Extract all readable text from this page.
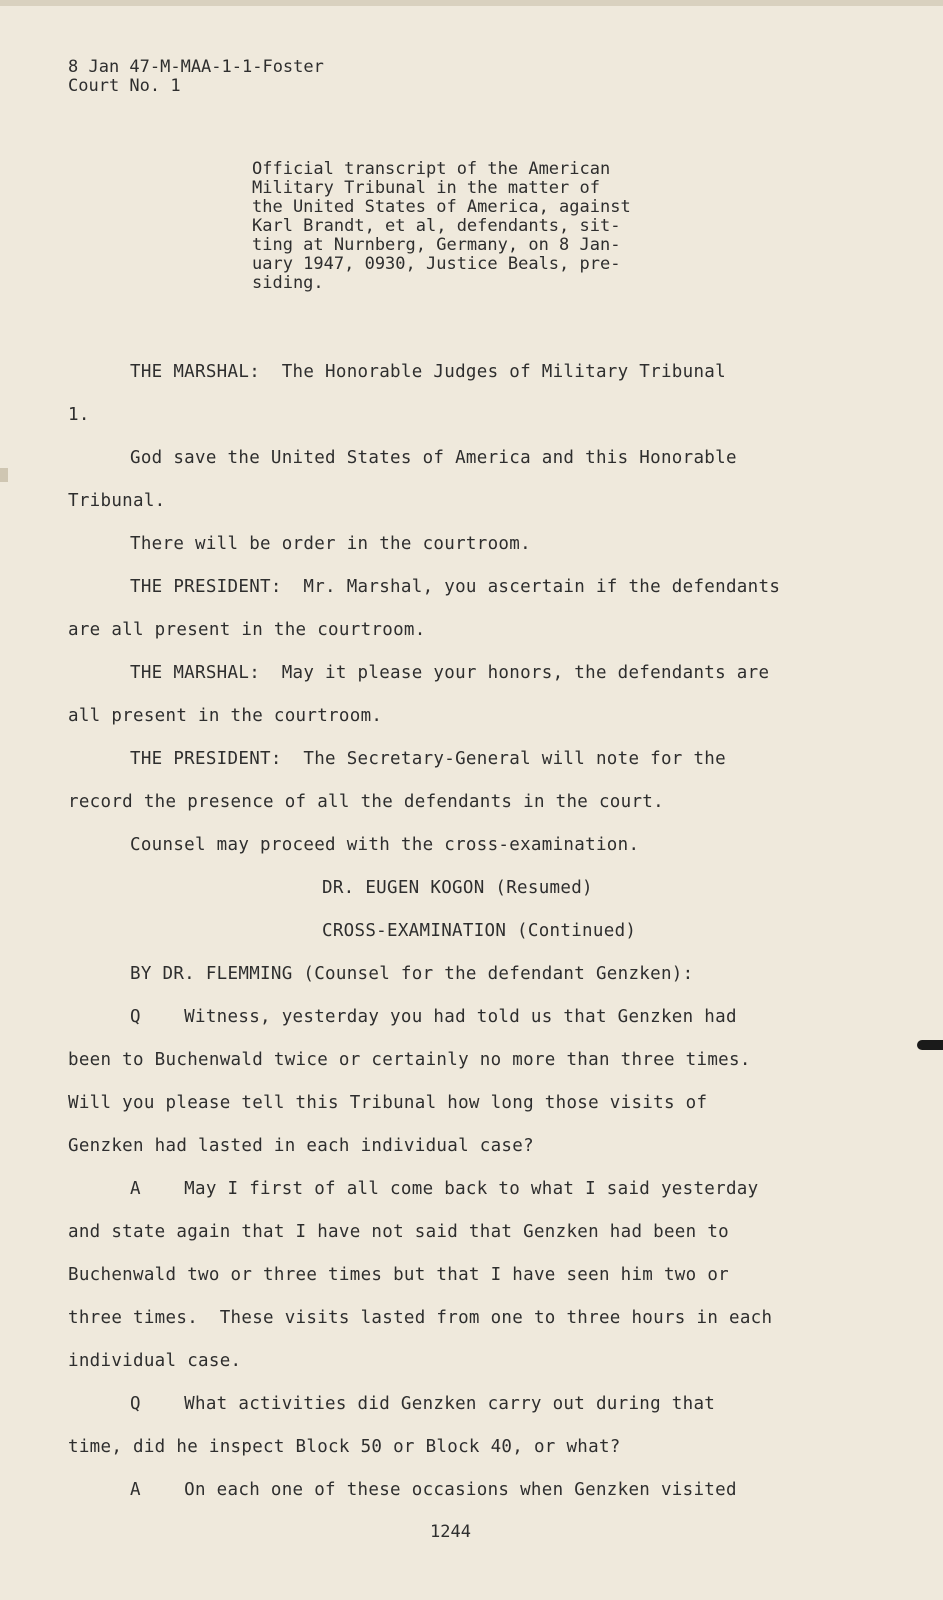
8 Jan 47-M-MAA-1-1-Foster
Court No. 1
Official transcript of the American
Military Tribunal in the matter of
the United States of America, against
Karl Brandt, et al, defendants, sit-
ting at Nurnberg, Germany, on 8 Jan-
uary 1947, 0930, Justice Beals, pre-
siding.
THE MARSHAL:  The Honorable Judges of Military Tribunal
1.
God save the United States of America and this Honorable
Tribunal.
There will be order in the courtroom.
THE PRESIDENT:  Mr. Marshal, you ascertain if the defendants
are all present in the courtroom.
THE MARSHAL:  May it please your honors, the defendants are
all present in the courtroom.
THE PRESIDENT:  The Secretary-General will note for the
record the presence of all the defendants in the court.
Counsel may proceed with the cross-examination.
DR. EUGEN KOGON (Resumed)
CROSS-EXAMINATION (Continued)
BY DR. FLEMMING (Counsel for the defendant Genzken):
Q    Witness, yesterday you had told us that Genzken had
been to Buchenwald twice or certainly no more than three times.
Will you please tell this Tribunal how long those visits of
Genzken had lasted in each individual case?
A    May I first of all come back to what I said yesterday
and state again that I have not said that Genzken had been to
Buchenwald two or three times but that I have seen him two or
three times.  These visits lasted from one to three hours in each
individual case.
Q    What activities did Genzken carry out during that
time, did he inspect Block 50 or Block 40, or what?
A    On each one of these occasions when Genzken visited
1244
